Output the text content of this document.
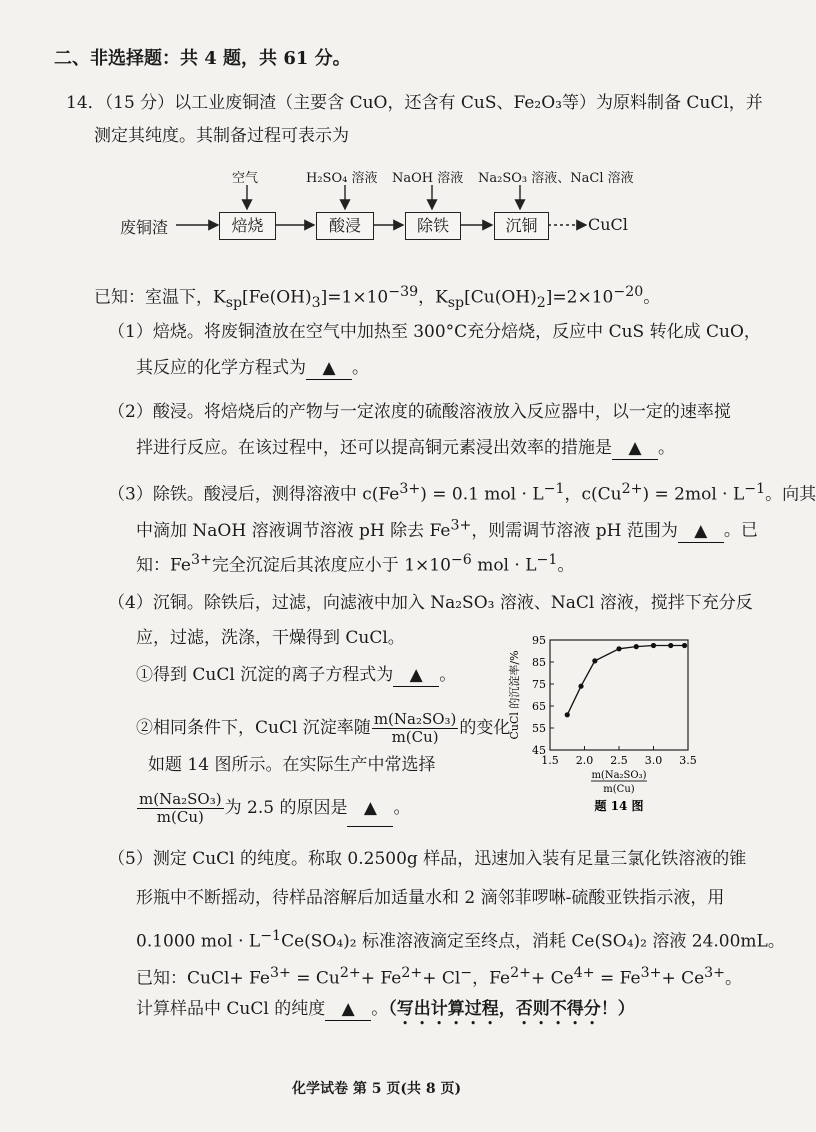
二、非选择题：共 4 题，共 61 分。
14．（15 分）以工业废铜渣（主要含 CuO，还含有 CuS、Fe₂O₃等）为原料制备 CuCl，并
测定其纯度。其制备过程可表示为
空气	H₂SO₄ 溶液 NaOH 溶液 Na₂SO₃ 溶液、NaCl 溶液
废铜渣	焙烧	酸浸	除铁	沉铜	CuCl
已知：室温下，$K_{sp}[Fe(OH)_3]=1\times 10^{-39}$，$K_{sp}[Cu(OH)_2]=2\times 10^{-20}$。
（1）焙烧。将废铜渣放在空气中加热至 300°C充分焙烧，反应中 CuS 转化成 CuO，
其反应的化学方程式为 ▲ 。
（2）酸浸。将焙烧后的产物与一定浓度的硫酸溶液放入反应器中，以一定的速率搅
拌进行反应。在该过程中，还可以提高铜元素浸出效率的措施是 ▲ 。
（3）除铁。酸浸后，测得溶液中 $c(Fe^{3+}) = 0.1$ mol · $L^{-1}$，$c(Cu^{2+}) = 2mol \cdot L^{-1}$。向其
中滴加 NaOH 溶液调节溶液 pH 除去 $Fe^{3+}$，则需调节溶液 pH 范围为 ▲ 。已
知：$Fe^{3+}$完全沉淀后其浓度应小于 $1\times 10^{-6}$ mol · $L^{-1}$。
（4）沉铜。除铁后，过滤，向滤液中加入 Na₂SO₃ 溶液、NaCl 溶液，搅拌下充分反
应，过滤，洗涤，干燥得到 CuCl。
①得到 CuCl 沉淀的离子方程式为 ▲ 。
②相同条件下，CuCl 沉淀率随 $\frac{\text{m(Na₂SO₃)}}{m(Cu)}$ 的变化
如题 14 图所示。在实际生产中常选择
$\frac{\text{m(Na₂SO₃)}}{m(Cu)}$ 为 2.5 的原因是 ▲ 。
45
55
65
75
85
95
1.5 2.0 2.5 3.0 3.5
CuCl 的沉淀率/%
m(Na₂SO₃)
m(Cu)
题 14 图
（5）测定 CuCl 的纯度。称取 0.2500g 样品，迅速加入装有足量三氯化铁溶液的锥
形瓶中不断摇动，待样品溶解后加适量水和 2 滴邻菲啰啉-硫酸亚铁指示液，用
0.1000 mol · $L^{-1}Ce(SO_4)_2$ 标准溶液滴定至终点，消耗 Ce(SO₄)₂ 溶液 24.00mL。
已知：CuCl+ $Fe^{3+} = Cu^{2+}+ Fe^{2+}+ Cl^-$，$Fe^{2+}+ Ce^{4+} = Fe^{3+}+ Ce^{3+}$。
计算样品中 CuCl 的纯度 ▲ 。（写出计算过程，否则不得分！）
化学试卷 第 5 页(共 8 页)
